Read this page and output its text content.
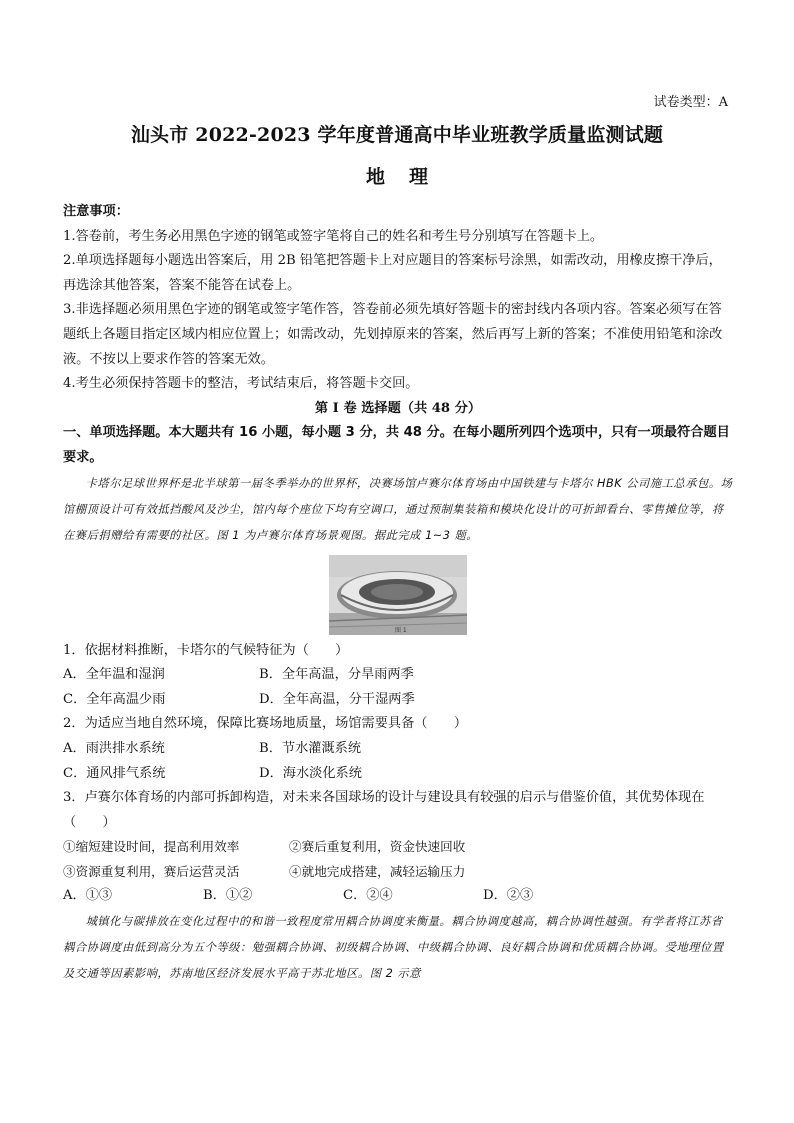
试卷类型：A
汕头市 2022-2023 学年度普通高中毕业班教学质量监测试题
地 理
注意事项：

1.答卷前，考生务必用黑色字迹的钢笔或签字笔将自己的姓名和考生号分别填写在答题卡上。

2.单项选择题每小题选出答案后，用 2B 铅笔把答题卡上对应题目的答案标号涂黑，如需改动，用橡皮擦干净后，再选涂其他答案，答案不能答在试卷上。

3.非选择题必须用黑色字迹的钢笔或签字笔作答，答卷前必须先填好答题卡的密封线内各项内容。答案必须写在答题纸上各题目指定区域内相应位置上；如需改动，先划掉原来的答案，然后再写上新的答案；不准使用铅笔和涂改液。不按以上要求作答的答案无效。

4.考生必须保持答题卡的整洁，考试结束后，将答题卡交回。

第 I 卷 选择题（共 48 分）

一、单项选择题。本大题共有 16 小题，每小题 3 分，共 48 分。在每小题所列四个选项中，只有一项最符合题目要求。

卡塔尔足球世界杯是北半球第一届冬季举办的世界杯，决赛场馆卢赛尔体育场由中国铁建与卡塔尔 HBK 公司施工总承包。场馆棚顶设计可有效抵挡酸风及沙尘，馆内每个座位下均有空调口，通过预制集装箱和模块化设计的可折卸看台、零售摊位等，将在赛后捐赠给有需要的社区。图 1 为卢赛尔体育场景观图。据此完成 1~3 题。

图 1

1．依据材料推断，卡塔尔的气候特征为（　　）

A．全年温和湿润	B．全年高温，分旱雨两季
C．全年高温少雨	D．全年高温，分干湿两季

2．为适应当地自然环境，保障比赛场地质量，场馆需要具备（　　）

A．雨洪排水系统	B．节水灌溉系统
C．通风排气系统	D．海水淡化系统

3．卢赛尔体育场的内部可拆卸构造，对未来各国球场的设计与建设具有较强的启示与借鉴价值，其优势体现在（　　）

①缩短建设时间，提高利用效率	②赛后重复利用，资金快速回收
③资源重复利用，赛后运营灵活	④就地完成搭建，减轻运输压力
A．①③	B．①②	C．②④	D．②③

城镇化与碳排放在变化过程中的和谐一致程度常用耦合协调度来衡量。耦合协调度越高，耦合协调性越强。有学者将江苏省耦合协调度由低到高分为五个等级：勉强耦合协调、初级耦合协调、中级耦合协调、良好耦合协调和优质耦合协调。受地理位置及交通等因素影响，苏南地区经济发展水平高于苏北地区。图 2 示意
